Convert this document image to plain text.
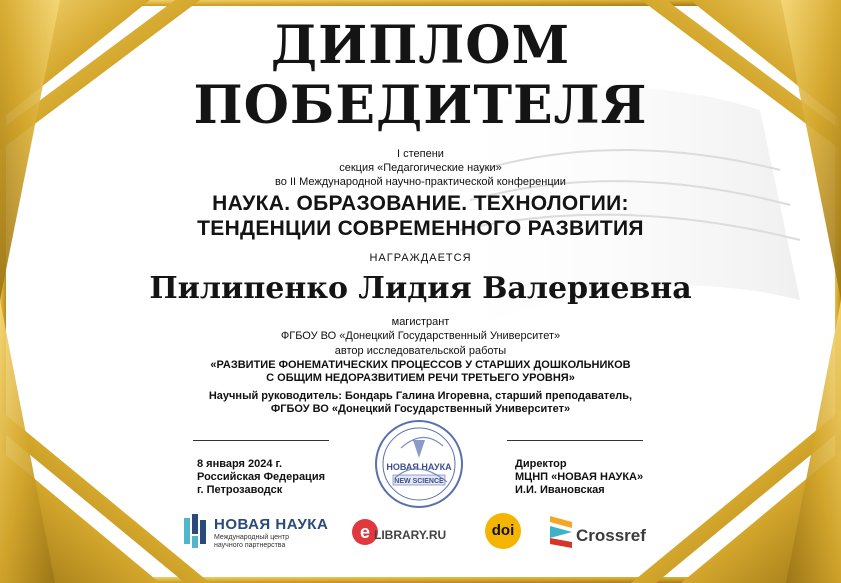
ДИПЛОМ
ПОБЕДИТЕЛЯ
I степени
секция «Педагогические науки»
во II Международной научно-практической конференции
НАУКА. ОБРАЗОВАНИЕ. ТЕХНОЛОГИИ:
ТЕНДЕНЦИИ СОВРЕМЕННОГО РАЗВИТИЯ
НАГРАЖДАЕТСЯ
Пилипенко Лидия Валериевна
магистрант
ФГБОУ ВО «Донецкий Государственный Университет»
автор исследовательской работы
«РАЗВИТИЕ ФОНЕМАТИЧЕСКИХ ПРОЦЕССОВ У СТАРШИХ ДОШКОЛЬНИКОВ
С ОБЩИМ НЕДОРАЗВИТИЕМ РЕЧИ ТРЕТЬЕГО УРОВНЯ»
Научный руководитель: Бондарь Галина Игоревна, старший преподаватель,
ФГБОУ ВО «Донецкий Государственный Университет»
8 января 2024 г.
Российская Федерация
г. Петрозаводск
Директор
МЦНП «НОВАЯ НАУКА»
И.И. Ивановская
НОВАЯ НАУКА
NEW SCIENCE
НОВАЯ НАУКА
Международный центр
научного партнерства
e LIBRARY.RU	doi	Crossref
